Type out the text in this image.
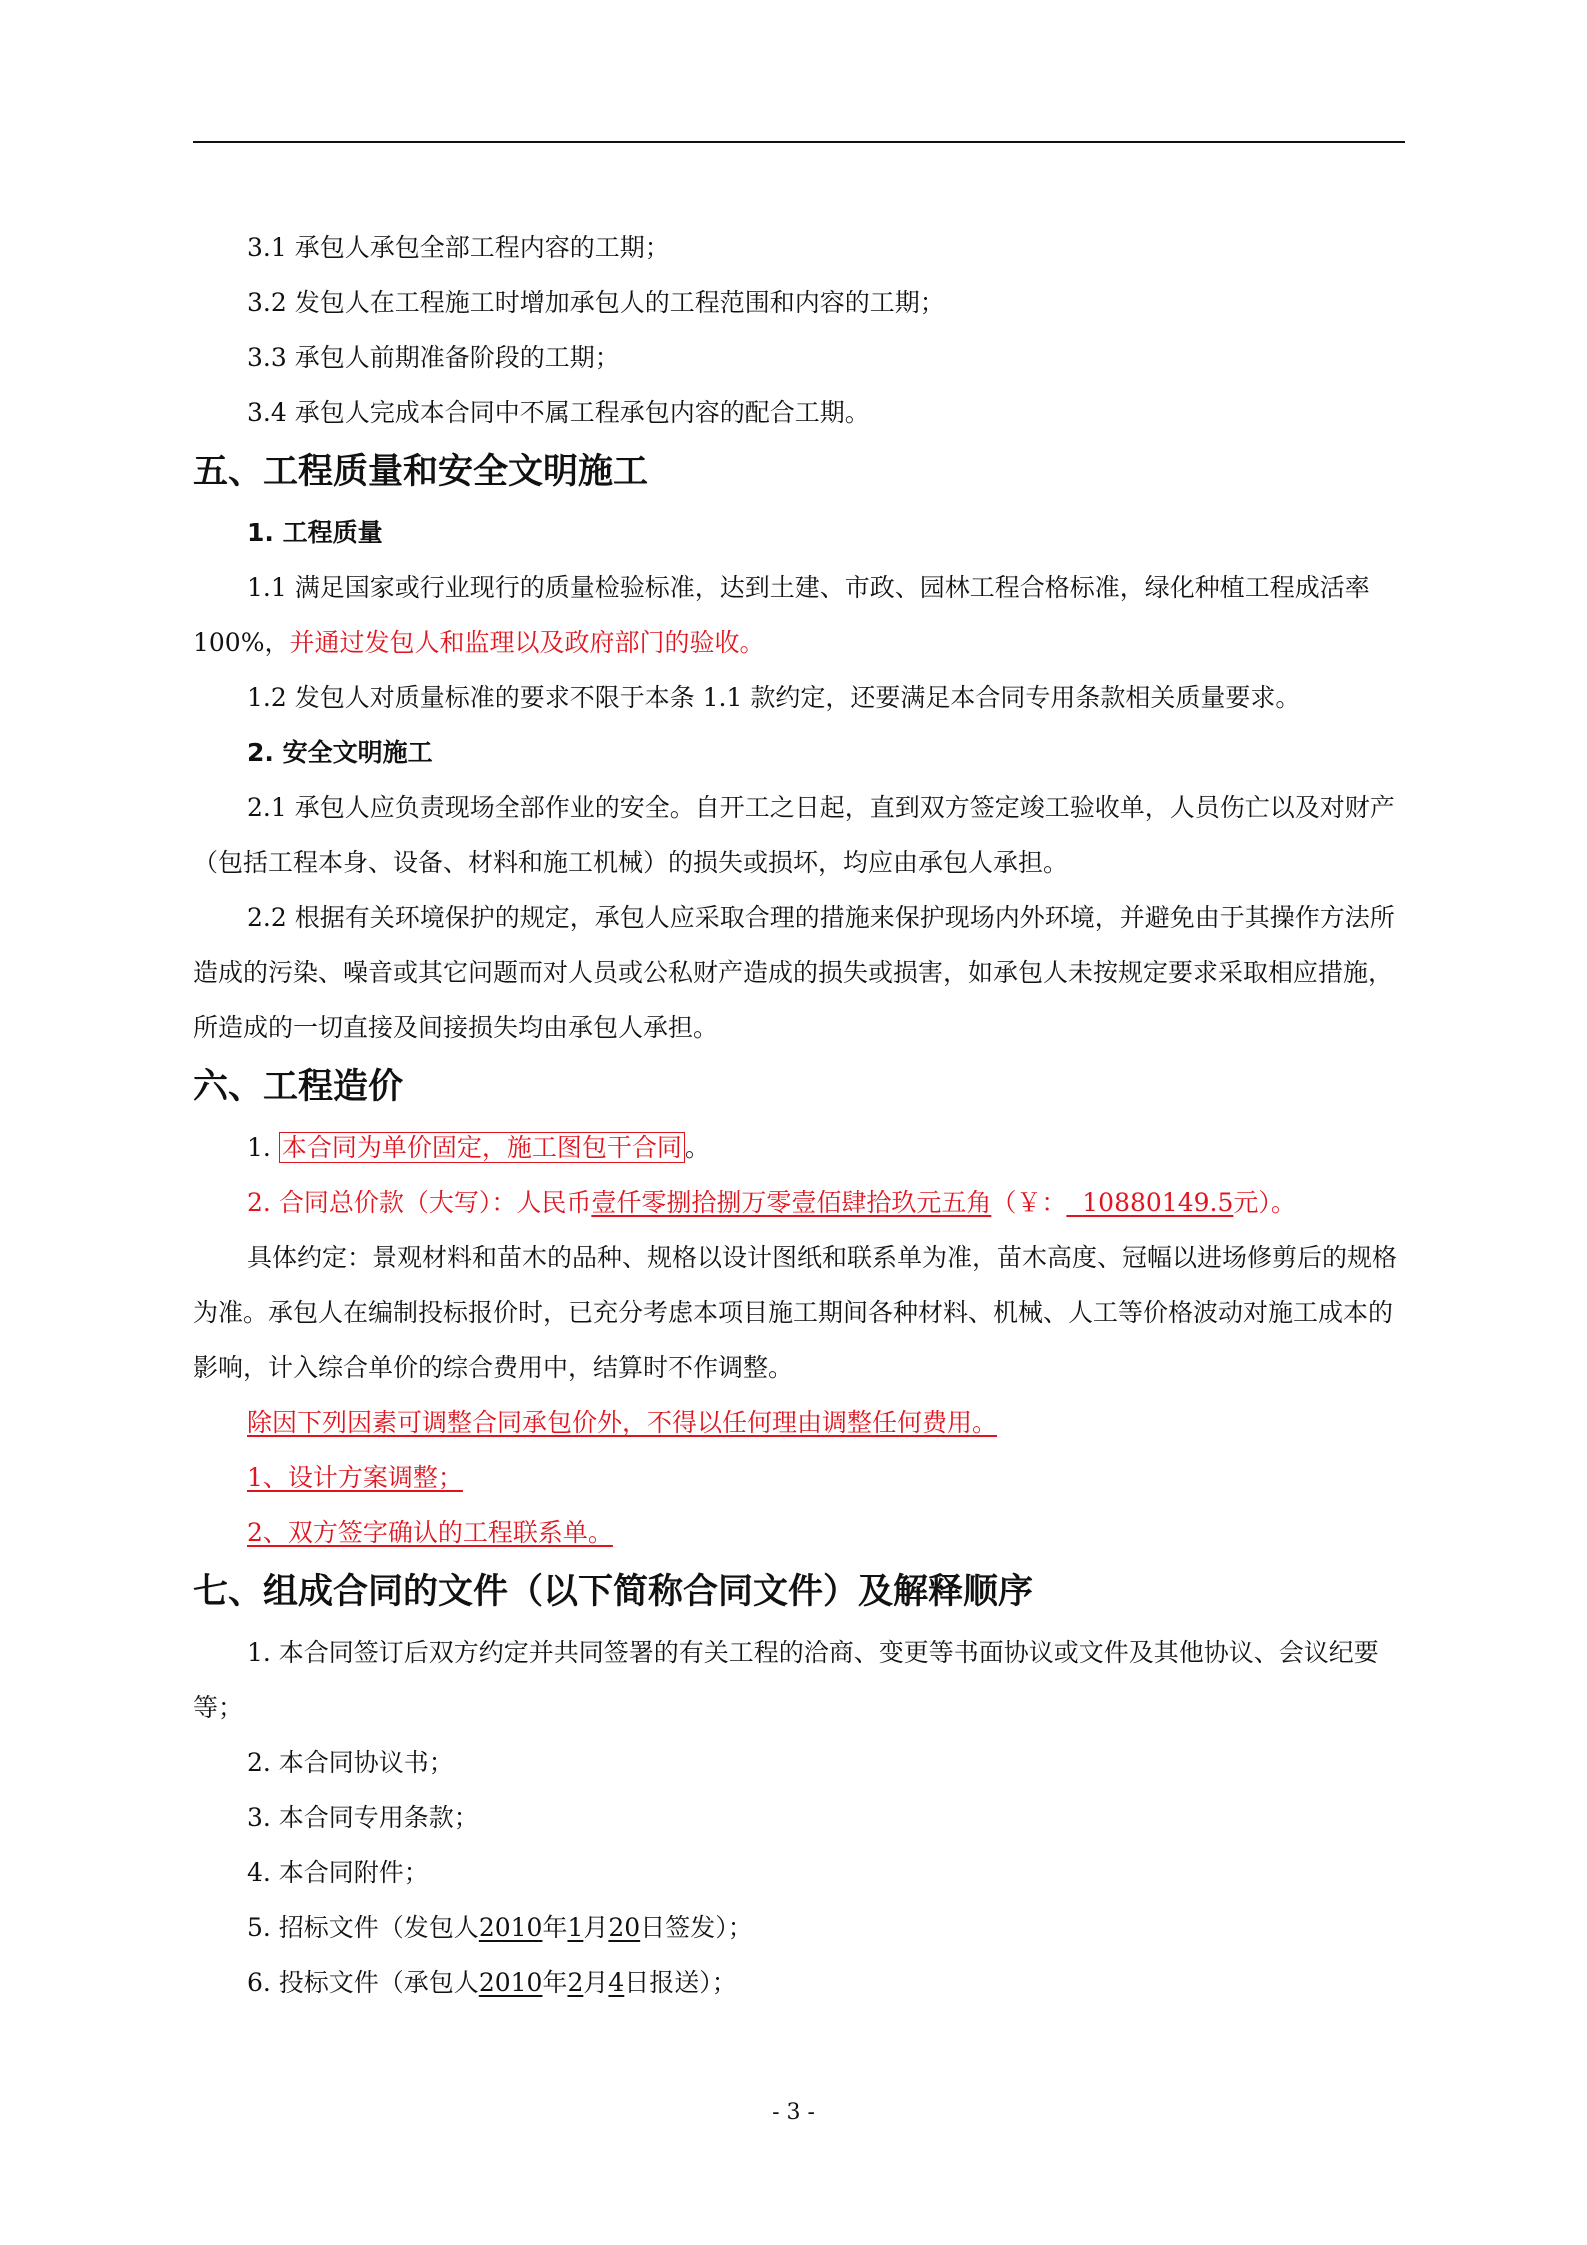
3.1 承包人承包全部工程内容的工期；

3.2 发包人在工程施工时增加承包人的工程范围和内容的工期；

3.3 承包人前期准备阶段的工期；

3.4 承包人完成本合同中不属工程承包内容的配合工期。

五、工程质量和安全文明施工

1. 工程质量

1.1 满足国家或行业现行的质量检验标准，达到土建、市政、园林工程合格标准，绿化种植工程成活率 100%，并通过发包人和监理以及政府部门的验收。

1.2 发包人对质量标准的要求不限于本条 1.1 款约定，还要满足本合同专用条款相关质量要求。

2. 安全文明施工

2.1 承包人应负责现场全部作业的安全。自开工之日起，直到双方签定竣工验收单，人员伤亡以及对财产（包括工程本身、设备、材料和施工机械）的损失或损坏，均应由承包人承担。

2.2 根据有关环境保护的规定，承包人应采取合理的措施来保护现场内外环境，并避免由于其操作方法所造成的污染、噪音或其它问题而对人员或公私财产造成的损失或损害，如承包人未按规定要求采取相应措施，所造成的一切直接及间接损失均由承包人承担。

六、工程造价

1. 本合同为单价固定，施工图包干合同 。

2. 合同总价款（大写）：人民币壹仟零捌拾捌万零壹佰肆拾玖元五角（￥： 10880149.5元）。

具体约定：景观材料和苗木的品种、规格以设计图纸和联系单为准，苗木高度、冠幅以进场修剪后的规格为准。承包人在编制投标报价时，已充分考虑本项目施工期间各种材料、机械、人工等价格波动对施工成本的影响，计入综合单价的综合费用中，结算时不作调整。

除因下列因素可调整合同承包价外，不得以任何理由调整任何费用。

1、设计方案调整；

2、双方签字确认的工程联系单。

七、组成合同的文件（以下简称合同文件）及解释顺序

1. 本合同签订后双方约定并共同签署的有关工程的洽商、变更等书面协议或文件及其他协议、会议纪要等；

2. 本合同协议书；

3. 本合同专用条款；

4. 本合同附件；

5. 招标文件（发包人2010年1月20日签发）；

6. 投标文件（承包人2010年2月4日报送）；

- 3 -
